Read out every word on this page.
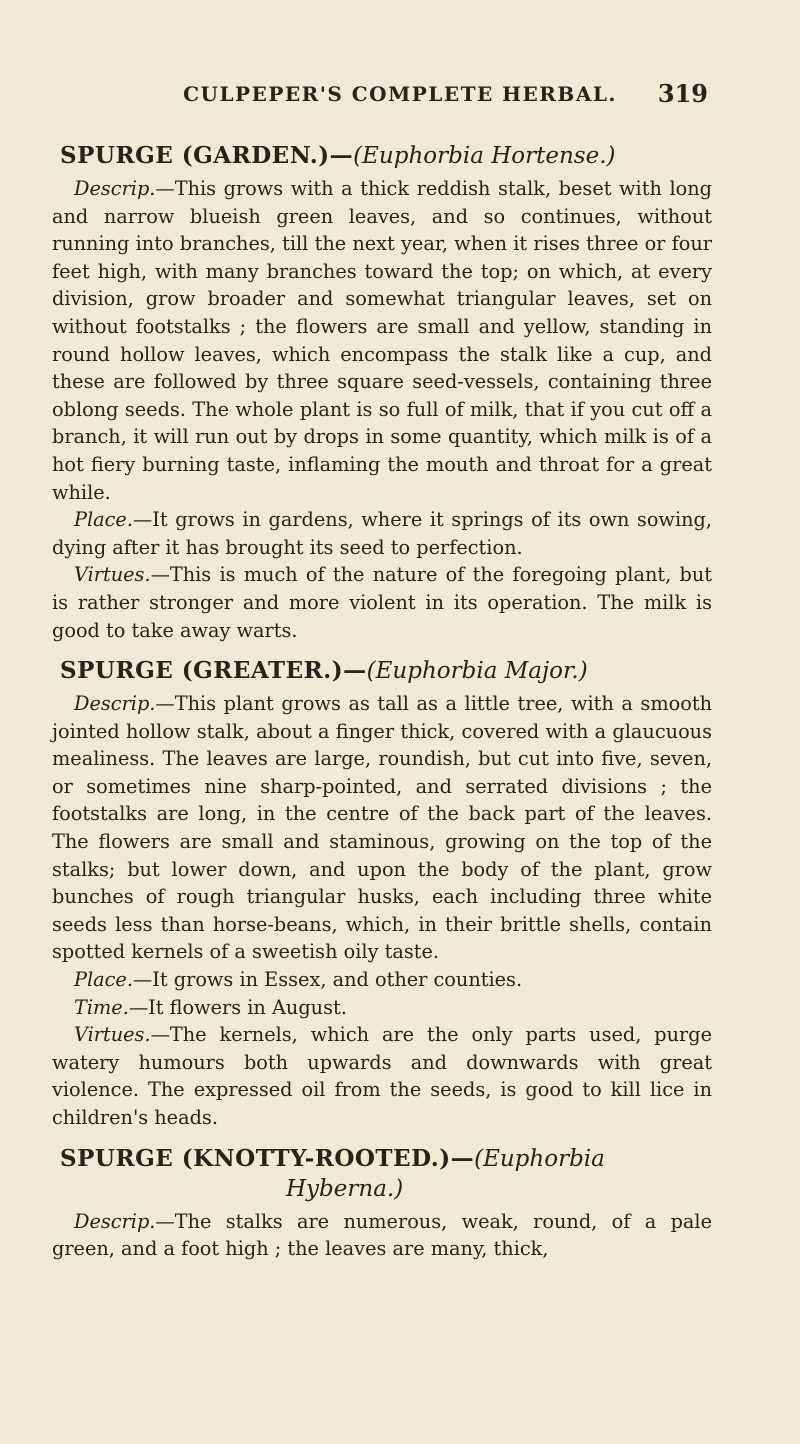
CULPEPER'S COMPLETE HERBAL. 319
SPURGE (GARDEN.)—(Euphorbia Hortense.)

Descrip.—This grows with a thick reddish stalk, beset with long and narrow blueish green leaves, and so continues, without running into branches, till the next year, when it rises three or four feet high, with many branches toward the top; on which, at every division, grow broader and somewhat triangular leaves, set on without footstalks ; the flowers are small and yellow, standing in round hollow leaves, which encompass the stalk like a cup, and these are followed by three square seed-vessels, containing three oblong seeds. The whole plant is so full of milk, that if you cut off a branch, it will run out by drops in some quantity, which milk is of a hot fiery burning taste, inflaming the mouth and throat for a great while.

Place.—It grows in gardens, where it springs of its own sowing, dying after it has brought its seed to perfection.

Virtues.—This is much of the nature of the foregoing plant, but is rather stronger and more violent in its operation. The milk is good to take away warts.

SPURGE (GREATER.)—(Euphorbia Major.)

Descrip.—This plant grows as tall as a little tree, with a smooth jointed hollow stalk, about a finger thick, covered with a glaucuous mealiness. The leaves are large, roundish, but cut into five, seven, or sometimes nine sharp-pointed, and serrated divisions ; the footstalks are long, in the centre of the back part of the leaves. The flowers are small and staminous, growing on the top of the stalks; but lower down, and upon the body of the plant, grow bunches of rough triangular husks, each including three white seeds less than horse-beans, which, in their brittle shells, contain spotted kernels of a sweetish oily taste.

Place.—It grows in Essex, and other counties.

Time.—It flowers in August.

Virtues.—The kernels, which are the only parts used, purge watery humours both upwards and downwards with great violence. The expressed oil from the seeds, is good to kill lice in children's heads.

SPURGE (KNOTTY-ROOTED.)—(Euphorbia
Hyberna.)

Descrip.—The stalks are numerous, weak, round, of a pale green, and a foot high ; the leaves are many, thick,
